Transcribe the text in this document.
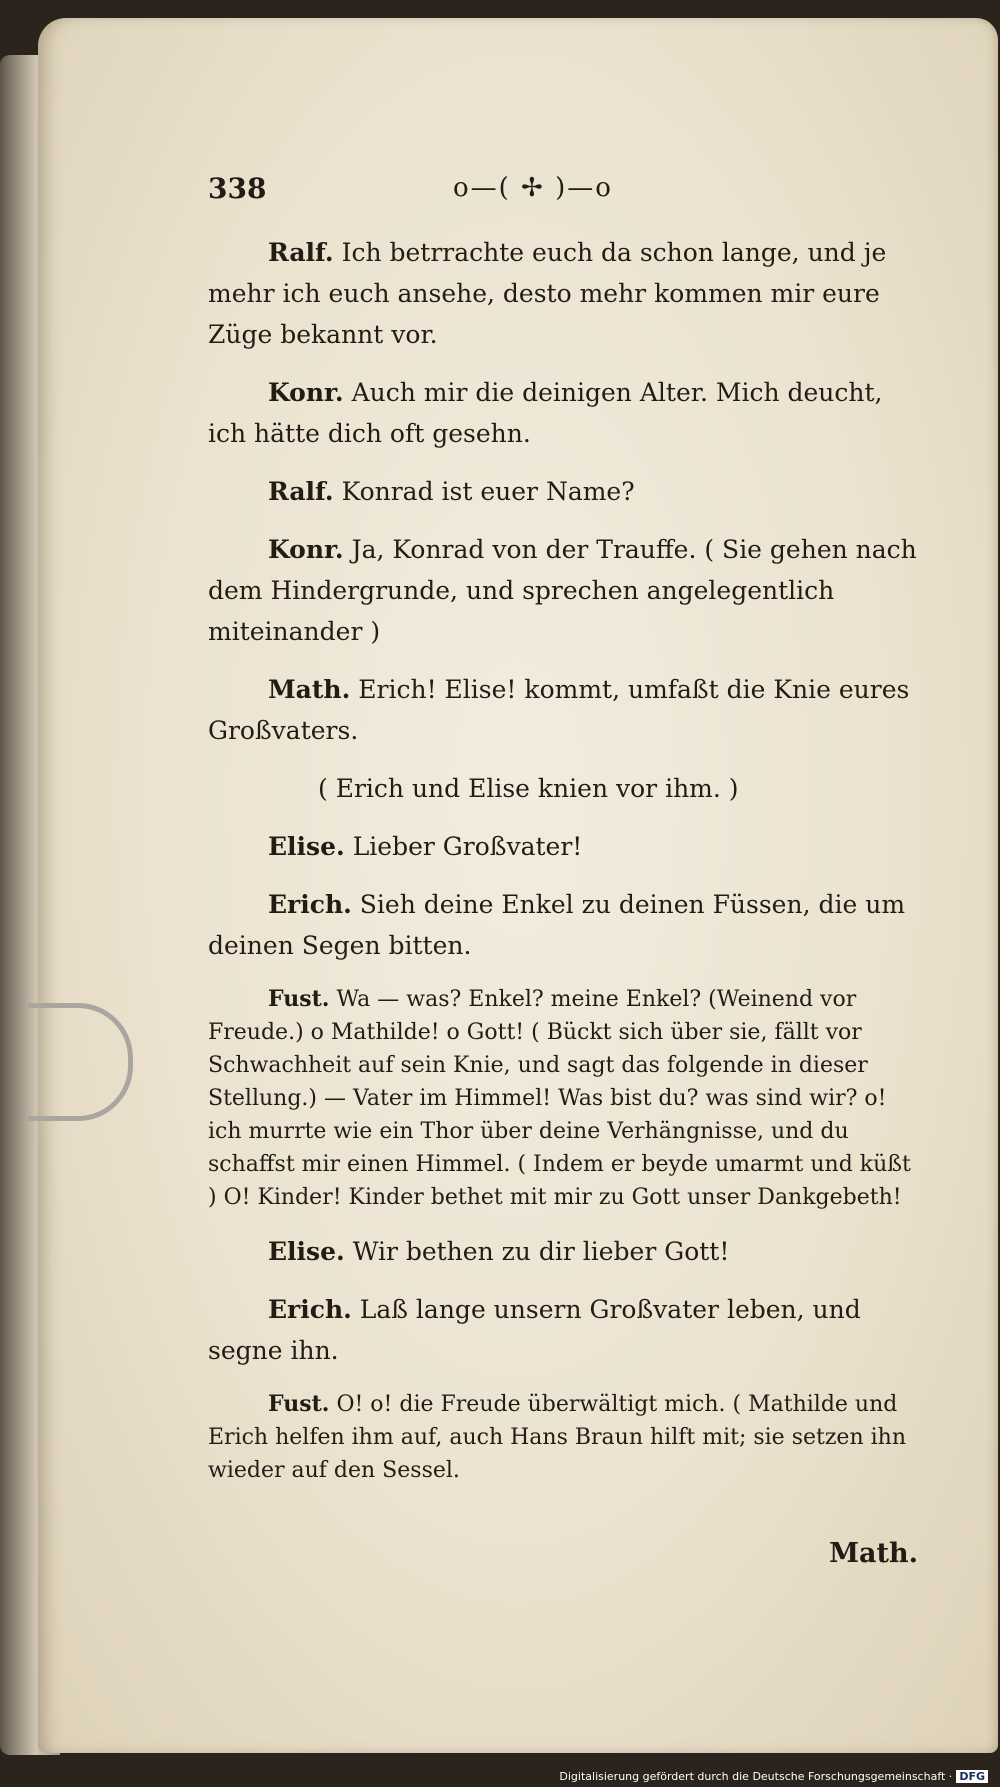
338	o—( ✢ )—o

Ralf. Ich betrrachte euch da schon lange, und je mehr ich euch ansehe, desto mehr kommen mir eure Züge bekannt vor.

Konr. Auch mir die deinigen Alter. Mich deucht, ich hätte dich oft gesehn.

Ralf. Konrad ist euer Name?

Konr. Ja, Konrad von der Trauffe. ( Sie gehen nach dem Hindergrunde, und sprechen angelegentlich miteinander )

Math. Erich! Elise! kommt, umfaßt die Knie eures Großvaters.

( Erich und Elise knien vor ihm. )

Elise. Lieber Großvater!

Erich. Sieh deine Enkel zu deinen Füssen, die um deinen Segen bitten.

Fust. Wa — was? Enkel? meine Enkel? (Weinend vor Freude.) o Mathilde! o Gott! ( Bückt sich über sie, fällt vor Schwachheit auf sein Knie, und sagt das folgende in dieser Stellung.) — Vater im Himmel! Was bist du? was sind wir? o! ich murrte wie ein Thor über deine Verhängnisse, und du schaffst mir einen Himmel. ( Indem er beyde umarmt und küßt ) O! Kinder! Kinder bethet mit mir zu Gott unser Dankgebeth!

Elise. Wir bethen zu dir lieber Gott!

Erich. Laß lange unsern Großvater leben, und segne ihn.

Fust. O! o! die Freude überwältigt mich. ( Mathilde und Erich helfen ihm auf, auch Hans Braun hilft mit; sie setzen ihn wieder auf den Sessel.

Math.
Digitalisierung gefördert durch die Deutsche Forschungsgemeinschaft · DFG
